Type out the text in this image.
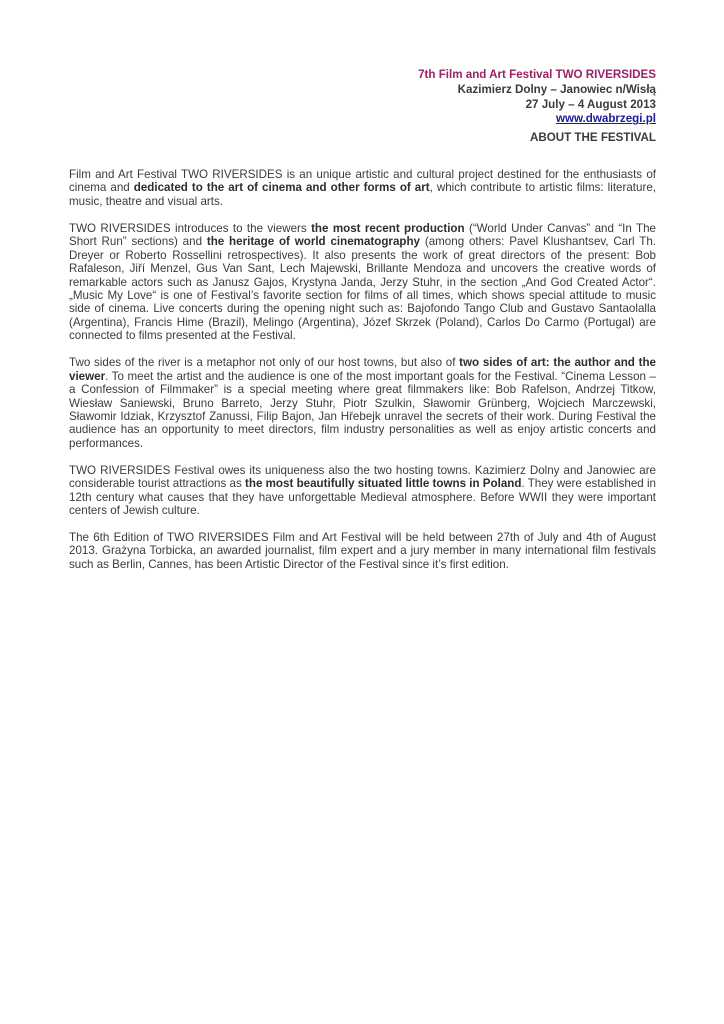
7th Film and Art Festival TWO RIVERSIDES
Kazimierz Dolny – Janowiec n/Wisłą
27 July – 4 August 2013
www.dwabrzegi.pl
ABOUT THE FESTIVAL

Film and Art Festival TWO RIVERSIDES is an unique artistic and cultural project destined for the enthusiasts of cinema and dedicated to the art of cinema and other forms of art, which contribute to artistic films: literature, music, theatre and visual arts.

TWO RIVERSIDES introduces to the viewers the most recent production (“World Under Canvas” and “In The Short Run” sections) and the heritage of world cinematography (among others: Pavel Klushantsev, Carl Th. Dreyer or Roberto Rossellini retrospectives). It also presents the work of great directors of the present: Bob Rafaleson, Jiří Menzel, Gus Van Sant, Lech Majewski, Brillante Mendoza and uncovers the creative words of remarkable actors such as Janusz Gajos, Krystyna Janda, Jerzy Stuhr, in the section „And God Created Actor“. „Music My Love“ is one of Festival’s favorite section for films of all times, which shows special attitude to music side of cinema. Live concerts during the opening night such as: Bajofondo Tango Club and Gustavo Santaolalla (Argentina), Francis Hime (Brazil), Melingo (Argentina), Józef Skrzek (Poland), Carlos Do Carmo (Portugal) are connected to films presented at the Festival.

Two sides of the river is a metaphor not only of our host towns, but also of two sides of art: the author and the viewer. To meet the artist and the audience is one of the most important goals for the Festival. “Cinema Lesson – a Confession of Filmmaker” is a special meeting where great filmmakers like: Bob Rafelson, Andrzej Titkow, Wiesław Saniewski, Bruno Barreto, Jerzy Stuhr, Piotr Szulkin, Sławomir Grünberg, Wojciech Marczewski, Sławomir Idziak, Krzysztof Zanussi, Filip Bajon, Jan Hřebejk unravel the secrets of their work. During Festival the audience has an opportunity to meet directors, film industry personalities as well as enjoy artistic concerts and performances.

TWO RIVERSIDES Festival owes its uniqueness also the two hosting towns. Kazimierz Dolny and Janowiec are considerable tourist attractions as the most beautifully situated little towns in Poland. They were established in 12th century what causes that they have unforgettable Medieval atmosphere. Before WWII they were important centers of Jewish culture.

The 6th Edition of TWO RIVERSIDES Film and Art Festival will be held between 27th of July and 4th of August 2013. Grażyna Torbicka, an awarded journalist, film expert and a jury member in many international film festivals such as Berlin, Cannes, has been Artistic Director of the Festival since it’s first edition.
